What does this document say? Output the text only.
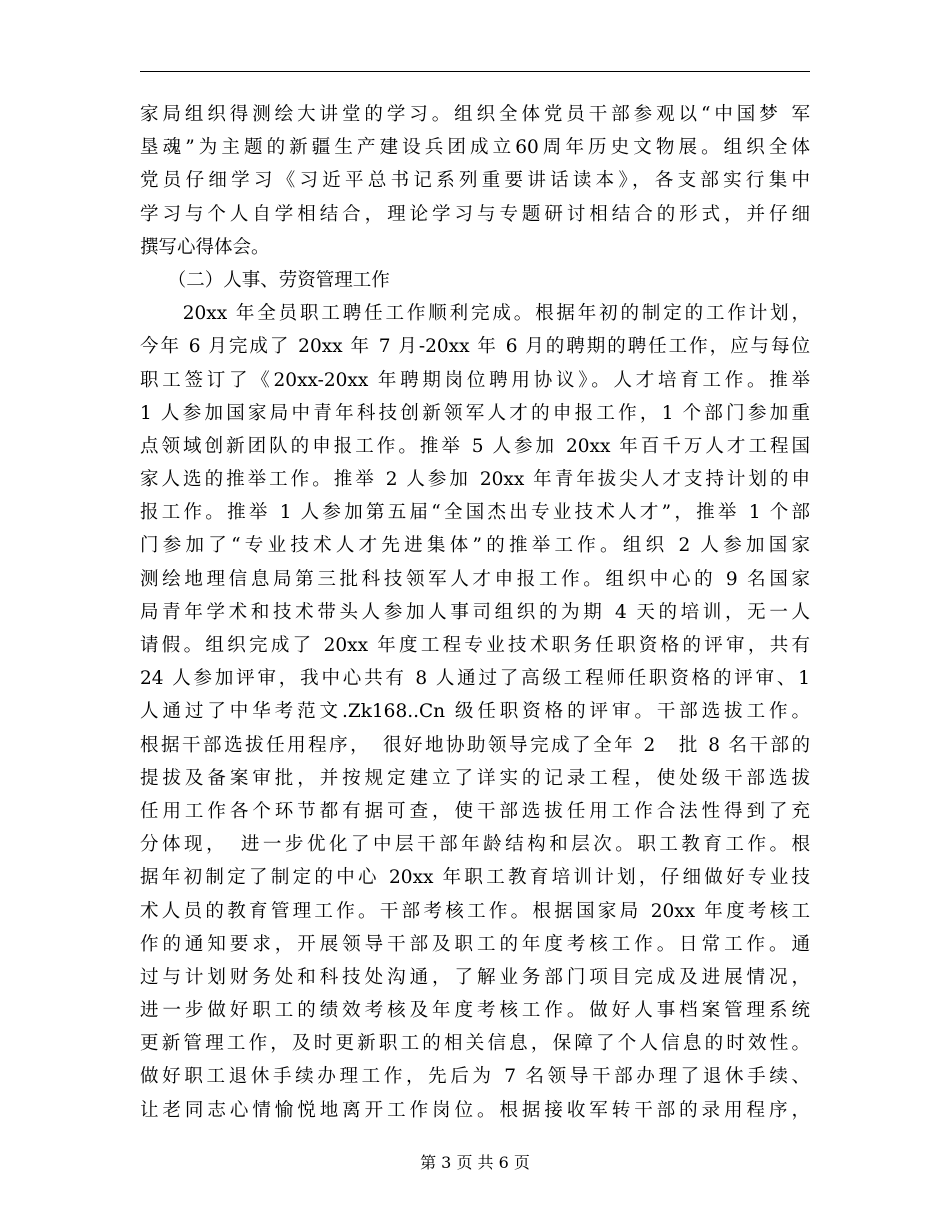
家局组织得测绘大讲堂的学习。组织全体党员干部参观以“中国梦 军
垦魂”为主题的新疆生产建设兵团成立60周年历史文物展。组织全体
党员仔细学习《习近平总书记系列重要讲话读本》，各支部实行集中
学习与个人自学相结合，理论学习与专题研讨相结合的形式，并仔细
撰写心得体会。
　　（二）人事、劳资管理工作
　　20xx 年全员职工聘任工作顺利完成。根据年初的制定的工作计划，
今年 6 月完成了 20xx 年 7 月-20xx 年 6 月的聘期的聘任工作，应与每位
职工签订了《20xx-20xx 年聘期岗位聘用协议》。人才培育工作。推举
1 人参加国家局中青年科技创新领军人才的申报工作，1 个部门参加重
点领域创新团队的申报工作。推举 5 人参加 20xx 年百千万人才工程国
家人选的推举工作。推举 2 人参加 20xx 年青年拔尖人才支持计划的申
报工作。推举 1 人参加第五届“全国杰出专业技术人才”，推举 1 个部
门参加了“专业技术人才先进集体”的推举工作。组织 2 人参加国家
测绘地理信息局第三批科技领军人才申报工作。组织中心的 9 名国家
局青年学术和技术带头人参加人事司组织的为期 4 天的培训，无一人
请假。组织完成了 20xx 年度工程专业技术职务任职资格的评审，共有
24 人参加评审，我中心共有 8 人通过了高级工程师任职资格的评审、1
人通过了中华考范文.Zk168..Cn 级任职资格的评审。干部选拔工作。
根据干部选拔任用程序，　很好地协助领导完成了全年 2　批 8 名干部的
提拔及备案审批，并按规定建立了详实的记录工程，使处级干部选拔
任用工作各个环节都有据可查，使干部选拔任用工作合法性得到了充
分体现，　进一步优化了中层干部年龄结构和层次。职工教育工作。根
据年初制定了制定的中心 20xx 年职工教育培训计划，仔细做好专业技
术人员的教育管理工作。干部考核工作。根据国家局 20xx 年度考核工
作的通知要求，开展领导干部及职工的年度考核工作。日常工作。通
过与计划财务处和科技处沟通，了解业务部门项目完成及进展情况，
进一步做好职工的绩效考核及年度考核工作。做好人事档案管理系统
更新管理工作，及时更新职工的相关信息，保障了个人信息的时效性。
做好职工退休手续办理工作，先后为 7 名领导干部办理了退休手续、
让老同志心情愉悦地离开工作岗位。根据接收军转干部的录用程序，
第 3 页 共 6 页
